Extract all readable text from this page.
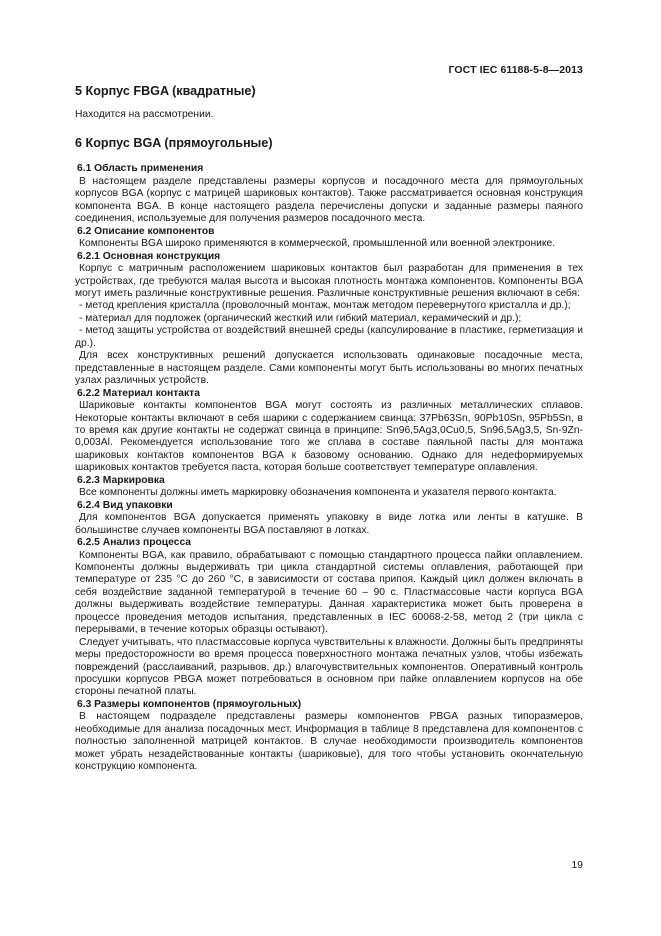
ГОСТ IEC 61188-5-8—2013

5 Корпус FBGA (квадратные)

Находится на рассмотрении.

6 Корпус BGA (прямоугольные)

6.1 Область применения

В настоящем разделе представлены размеры корпусов и посадочного места для прямоугольных корпусов BGA (корпус с матрицей шариковых контактов). Также рассматривается основная конструкция компонента BGA. В конце настоящего раздела перечислены допуски и заданные размеры паяного соединения, используемые для получения размеров посадочного места.

6.2 Описание компонентов

Компоненты BGA широко применяются в коммерческой, промышленной или военной электронике.

6.2.1 Основная конструкция

Корпус с матричным расположением шариковых контактов был разработан для применения в тех устройствах, где требуются малая высота и высокая плотность монтажа компонентов. Компоненты BGA могут иметь различные конструктивные решения. Различные конструктивные решения включают в себя:

- метод крепления кристалла (проволочный монтаж, монтаж методом перевернутого кристалла и др.);

- материал для подложек (органический жесткий или гибкий материал, керамический и др.);

- метод защиты устройства от воздействий внешней среды (капсулирование в пластике, герметизация и др.).

Для всех конструктивных решений допускается использовать одинаковые посадочные места, представленные в настоящем разделе. Сами компоненты могут быть использованы во многих печатных узлах различных устройств.

6.2.2 Материал контакта

Шариковые контакты компонентов BGA могут состоять из различных металлических сплавов. Некоторые контакты включают в себя шарики с содержанием свинца: 37Pb63Sn, 90Pb10Sn, 95Pb5Sn, в то время как другие контакты не содержат свинца в принципе: Sn96,5Ag3,0Cu0,5, Sn96,5Ag3,5, Sn-9Zn-0,003Al. Рекомендуется использование того же сплава в составе паяльной пасты для монтажа шариковых контактов компонентов BGA к базовому основанию. Однако для недеформируемых шариковых контактов требуется паста, которая больше соответствует температуре оплавления.

6.2.3 Маркировка

Все компоненты должны иметь маркировку обозначения компонента и указателя первого контакта.

6.2.4 Вид упаковки

Для компонентов BGA допускается применять упаковку в виде лотка или ленты в катушке. В большинстве случаев компоненты BGA поставляют в лотках.

6.2.5 Анализ процесса

Компоненты BGA, как правило, обрабатывают с помощью стандартного процесса пайки оплавлением. Компоненты должны выдерживать три цикла стандартной системы оплавления, работающей при температуре от 235 °С до 260 °С, в зависимости от состава припоя. Каждый цикл должен включать в себя воздействие заданной температурой в течение 60 – 90 с. Пластмассовые части корпуса BGA должны выдерживать воздействие температуры. Данная характеристика может быть проверена в процессе проведения методов испытания, представленных в IEC 60068-2-58, метод 2 (три цикла с перерывами, в течение которых образцы остывают).

Следует учитывать, что пластмассовые корпуса чувствительны к влажности. Должны быть предприняты меры предосторожности во время процесса поверхностного монтажа печатных узлов, чтобы избежать повреждений (расслаиваний, разрывов, др.) влагочувствительных компонентов. Оперативный контроль просушки корпусов PBGA может потребоваться в основном при пайке оплавлением корпусов на обе стороны печатной платы.

6.3 Размеры компонентов (прямоугольных)

В настоящем подразделе представлены размеры компонентов PBGA разных типоразмеров, необходимые для анализа посадочных мест. Информация в таблице 8 представлена для компонентов с полностью заполненной матрицей контактов. В случае необходимости производитель компонентов может убрать незадействованные контакты (шариковые), для того чтобы установить окончательную конструкцию компонента.

19
